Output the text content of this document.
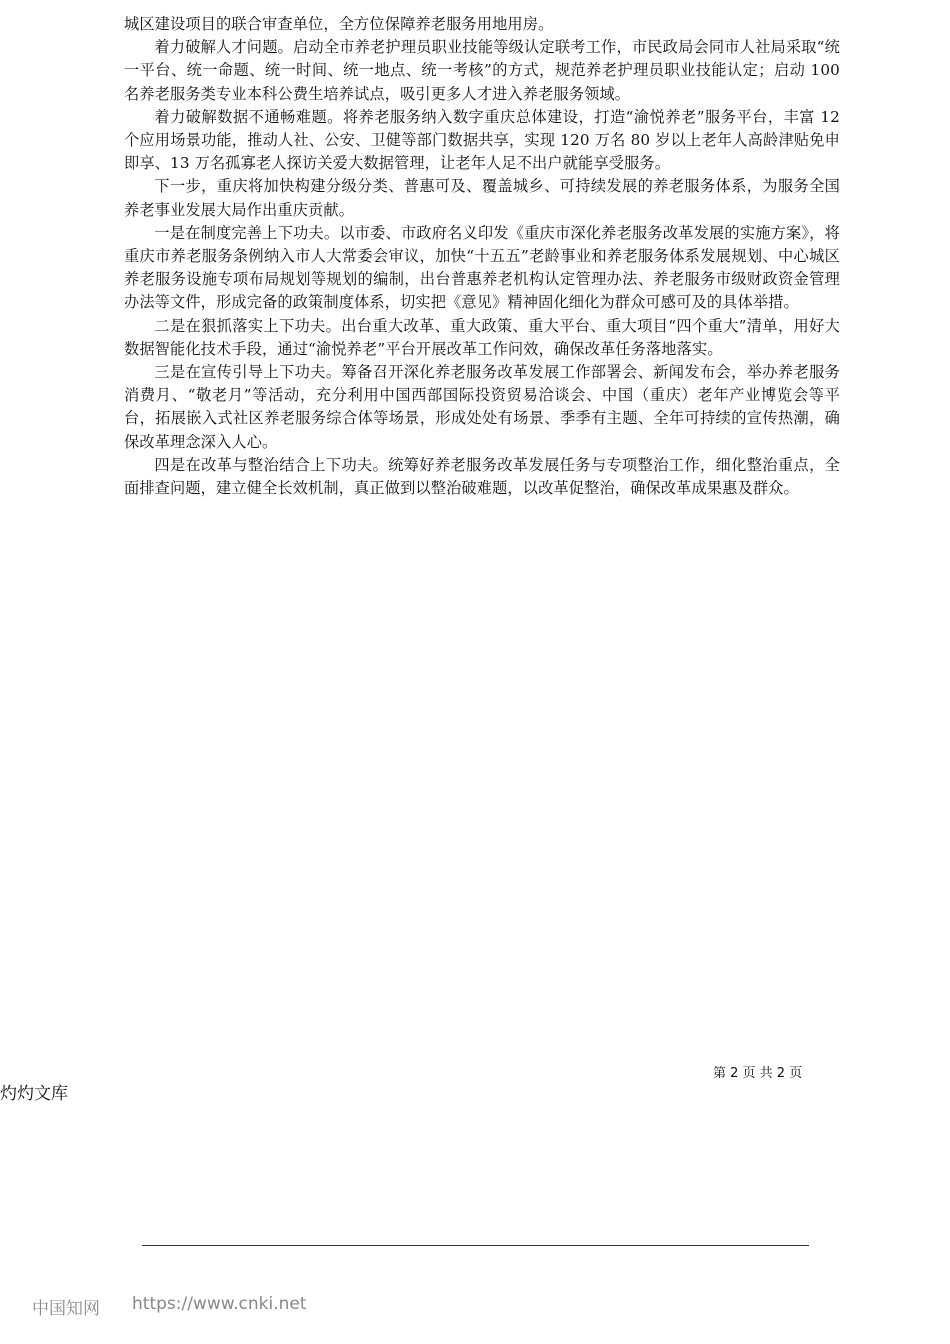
城区建设项目的联合审查单位，全方位保障养老服务用地用房。

着力破解人才问题。启动全市养老护理员职业技能等级认定联考工作，市民政局会同市人社局采取“统一平台、统一命题、统一时间、统一地点、统一考核”的方式，规范养老护理员职业技能认定；启动 100 名养老服务类专业本科公费生培养试点，吸引更多人才进入养老服务领域。

着力破解数据不通畅难题。将养老服务纳入数字重庆总体建设，打造“渝悦养老”服务平台，丰富 12 个应用场景功能，推动人社、公安、卫健等部门数据共享，实现 120 万名 80 岁以上老年人高龄津贴免申即享、13 万名孤寡老人探访关爱大数据管理，让老年人足不出户就能享受服务。

下一步，重庆将加快构建分级分类、普惠可及、覆盖城乡、可持续发展的养老服务体系，为服务全国养老事业发展大局作出重庆贡献。

一是在制度完善上下功夫。以市委、市政府名义印发《重庆市深化养老服务改革发展的实施方案》，将重庆市养老服务条例纳入市人大常委会审议，加快“十五五”老龄事业和养老服务体系发展规划、中心城区养老服务设施专项布局规划等规划的编制，出台普惠养老机构认定管理办法、养老服务市级财政资金管理办法等文件，形成完备的政策制度体系，切实把《意见》精神固化细化为群众可感可及的具体举措。

二是在狠抓落实上下功夫。出台重大改革、重大政策、重大平台、重大项目“四个重大”清单，用好大数据智能化技术手段，通过“渝悦养老”平台开展改革工作问效，确保改革任务落地落实。

三是在宣传引导上下功夫。筹备召开深化养老服务改革发展工作部署会、新闻发布会，举办养老服务消费月、“敬老月”等活动，充分利用中国西部国际投资贸易洽谈会、中国（重庆）老年产业博览会等平台，拓展嵌入式社区养老服务综合体等场景，形成处处有场景、季季有主题、全年可持续的宣传热潮，确保改革理念深入人心。

四是在改革与整治结合上下功夫。统筹好养老服务改革发展任务与专项整治工作，细化整治重点，全面排查问题，建立健全长效机制，真正做到以整治破难题，以改革促整治，确保改革成果惠及群众。

第 2 页 共 2 页
灼灼文库
中国知网 https://www.cnki.net
